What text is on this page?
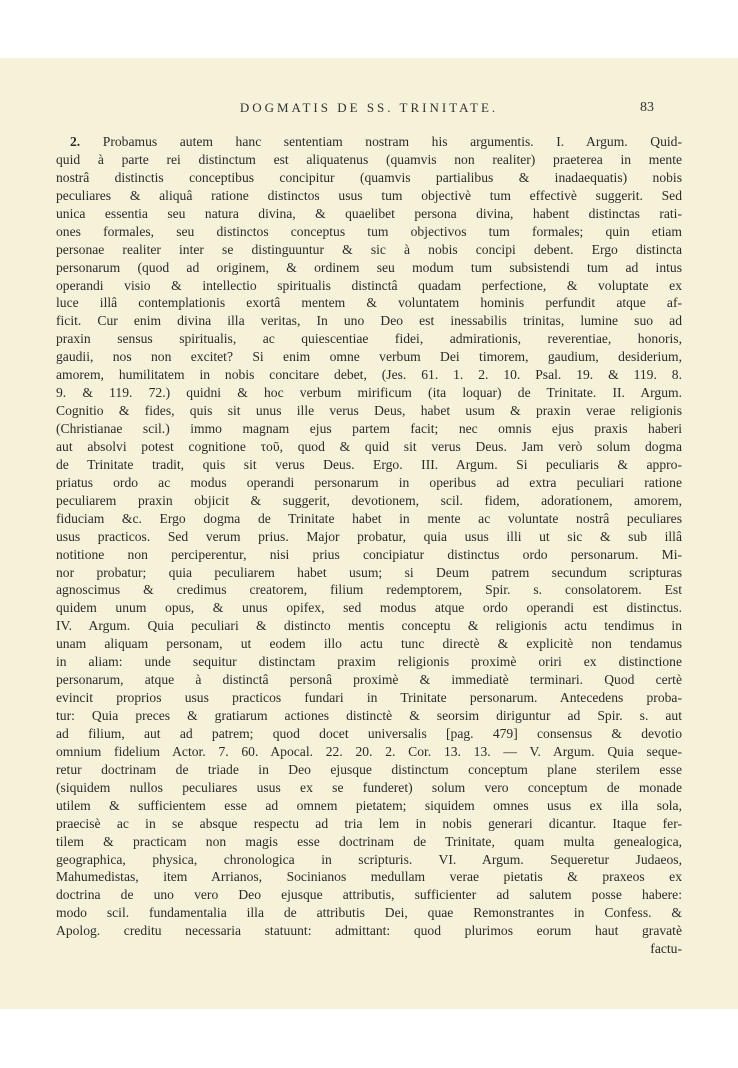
DOGMATIS DE SS. TRINITATE.	83
2. Probamus autem hanc sententiam nostram his argumentis. I. Argum. Quid-
quid à parte rei distinctum est aliquatenus (quamvis non realiter) praeterea in mente
nostrâ distinctis conceptibus concipitur (quamvis partialibus & inadaequatis) nobis
peculiares & aliquâ ratione distinctos usus tum objectivè tum effectivè suggerit. Sed
unica essentia seu natura divina, & quaelibet persona divina, habent distinctas rati-
ones formales, seu distinctos conceptus tum objectivos tum formales; quin etiam
personae realiter inter se distinguuntur & sic à nobis concipi debent. Ergo distincta
personarum (quod ad originem, & ordinem seu modum tum subsistendi tum ad intus
operandi visio & intellectio spiritualis distinctâ quadam perfectione, & voluptate ex
luce illâ contemplationis exortâ mentem & voluntatem hominis perfundit atque af-
ficit. Cur enim divina illa veritas, In uno Deo est inessabilis trinitas, lumine suo ad
praxin sensus spiritualis, ac quiescentiae fidei, admirationis, reverentiae, honoris,
gaudii, nos non excitet? Si enim omne verbum Dei timorem, gaudium, desiderium,
amorem, humilitatem in nobis concitare debet, (Jes. 61. 1. 2. 10. Psal. 19. & 119. 8.
9. & 119. 72.) quidni & hoc verbum mirificum (ita loquar) de Trinitate. II. Argum.
Cognitio & fides, quis sit unus ille verus Deus, habet usum & praxin verae religionis
(Christianae scil.) immo magnam ejus partem facit; nec omnis ejus praxis haberi
aut absolvi potest cognitione τοῦ, quod & quid sit verus Deus. Jam verò solum dogma
de Trinitate tradit, quis sit verus Deus. Ergo. III. Argum. Si peculiaris & appro-
priatus ordo ac modus operandi personarum in operibus ad extra peculiari ratione
peculiarem praxin objicit & suggerit, devotionem, scil. fidem, adorationem, amorem,
fiduciam &c. Ergo dogma de Trinitate habet in mente ac voluntate nostrâ peculiares
usus practicos. Sed verum prius. Major probatur, quia usus illi ut sic & sub illâ
notitione non perciperentur, nisi prius concipiatur distinctus ordo personarum. Mi-
nor probatur; quia peculiarem habet usum; si Deum patrem secundum scripturas
agnoscimus & credimus creatorem, filium redemptorem, Spir. s. consolatorem. Est
quidem unum opus, & unus opifex, sed modus atque ordo operandi est distinctus.
IV. Argum. Quia peculiari & distincto mentis conceptu & religionis actu tendimus in
unam aliquam personam, ut eodem illo actu tunc directè & explicitè non tendamus
in aliam: unde sequitur distinctam praxim religionis proximè oriri ex distinctione
personarum, atque à distinctâ personâ proximè & immediatè terminari. Quod certè
evincit proprios usus practicos fundari in Trinitate personarum. Antecedens proba-
tur: Quia preces & gratiarum actiones distinctè & seorsim diriguntur ad Spir. s. aut
ad filium, aut ad patrem; quod docet universalis [pag. 479] consensus & devotio
omnium fidelium Actor. 7. 60. Apocal. 22. 20. 2. Cor. 13. 13. — V. Argum. Quia seque-
retur doctrinam de triade in Deo ejusque distinctum conceptum plane sterilem esse
(siquidem nullos peculiares usus ex se funderet) solum vero conceptum de monade
utilem & sufficientem esse ad omnem pietatem; siquidem omnes usus ex illa sola,
praecisè ac in se absque respectu ad tria lem in nobis generari dicantur. Itaque fer-
tilem & practicam non magis esse doctrinam de Trinitate, quam multa genealogica,
geographica, physica, chronologica in scripturis. VI. Argum. Sequeretur Judaeos,
Mahumedistas, item Arrianos, Socinianos medullam verae pietatis & praxeos ex
doctrina de uno vero Deo ejusque attributis, sufficienter ad salutem posse habere:
modo scil. fundamentalia illa de attributis Dei, quae Remonstrantes in Confess. &
Apolog. creditu necessaria statuunt: admittant: quod plurimos eorum haut gravatè
factu-
